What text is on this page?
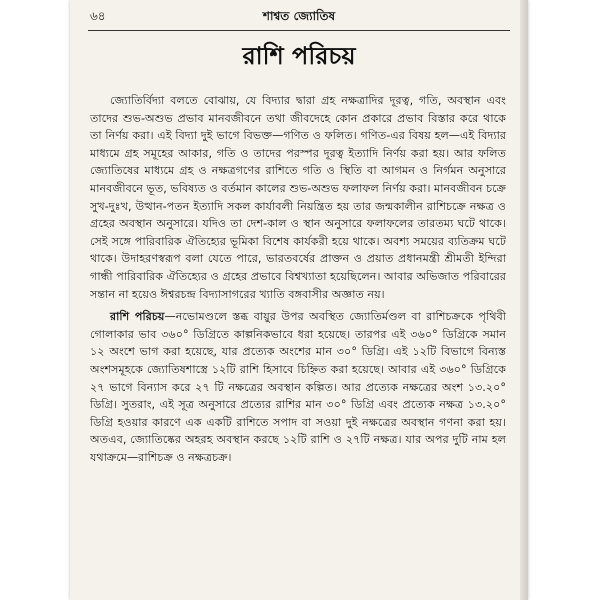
৬৪	শাশ্বত জ্যোতিষ
রাশি পরিচয়

জ্যোতির্বিদ্যা বলতে বোঝায়, যে বিদ্যার দ্বারা গ্রহ নক্ষত্রাদির দূরত্ব, গতি, অবস্থান এবং তাদের শুভ-অশুভ প্রভাব মানবজীবনে তথা জীবদেহে কোন প্রকারে প্রভাব বিস্তার করে থাকে তা নির্ণয় করা। এই বিদ্যা দুই ভাগে বিভক্ত—গণিত ও ফলিত। গণিত-এর বিষয় হল—এই বিদ্যার মাধ্যমে গ্রহ সমূহের আকার, গতি ও তাদের পরস্পর দূরত্ব ইত্যাদি নির্ণয় করা হয়। আর ফলিত জ্যোতিষের মাধ্যমে গ্রহ ও নক্ষত্রগণের রাশিতে গতি ও স্থিতি বা আগমন ও নির্গমন অনুসারে মানবজীবনে ভূত, ভবিষ্যত ও বর্তমান কালের শুভ-অশুভ ফলাফল নির্ণয় করা। মানবজীবন চক্রে সুখ-দুঃখ, উত্থান-পতন ইত্যাদি সকল কার্যাবলী নিয়ন্ত্রিত হয় তার জন্মকালীন রাশিচক্রে নক্ষত্র ও গ্রহের অবস্থান অনুসারে। যদিও তা দেশ-কাল ও স্থান অনুসারে ফলাফলের তারতম্য ঘটে থাকে। সেই সঙ্গে পারিবারিক ঐতিহ্যের ভূমিকা বিশেষ কার্যকরী হয়ে থাকে। অবশ্য সময়ের ব্যতিক্রম ঘটে থাকে। উদাহরণস্বরূপ বলা যেতে পারে, ভারতবর্ষের প্রাক্তন ও প্রয়াত প্রধানমন্ত্রী শ্রীমতী ইন্দিরা গান্ধী পারিবারিক ঐতিহ্যের ও গ্রহের প্রভাবে বিশ্বখ্যাতা হয়েছিলেন। আবার অভিজাত পরিবারের সন্তান না হয়েও ঈশ্বরচন্দ্র বিদ্যাসাগরের খ্যাতি বঙ্গবাসীর অজ্ঞাত নয়।

রাশি পরিচয়—নভোমণ্ডলে স্তব্ধ বায়ুর উপর অবস্থিত জ্যোতির্মণ্ডল বা রাশিচক্রকে পৃথিবী গোলাকার ভাব ৩৬০° ডিগ্রিতে কাল্পনিকভাবে ধরা হয়েছে। তারপর এই ৩৬০° ডিগ্রিকে সমান ১২ অংশে ভাগ করা হয়েছে, যার প্রত্যেক অংশের মান ৩০° ডিগ্রি। এই ১২টি বিভাগে বিন্যস্ত অংশসমূহকে জ্যোতিষশাস্ত্রে ১২টি রাশি হিসাবে চিহ্নিত করা হয়েছে। আবার এই ৩৬০° ডিগ্রিকে ২৭ ভাগে বিন্যাস করে ২৭ টি নক্ষত্রের অবস্থান কল্পিত। আর প্রত্যেক নক্ষত্রের অংশ ১৩.২০° ডিগ্রি। সুতরাং, এই সূত্র অনুসারে প্রত্যের রাশির মান ৩০° ডিগ্রি এবং প্রত্যেক নক্ষত্র ১৩.২০° ডিগ্রি হওয়ার কারণে এক একটি রাশিতে সপাদ বা সওয়া দুই নক্ষত্রের অবস্থান গণনা করা হয়। অতএব, জ্যোতিষ্কের অহরহ অবস্থান করছে ১২টি রাশি ও ২৭টি নক্ষত্র। যার অপর দুটি নাম হল যথাক্রমে—রাশিচক্র ও নক্ষত্রচক্র।
